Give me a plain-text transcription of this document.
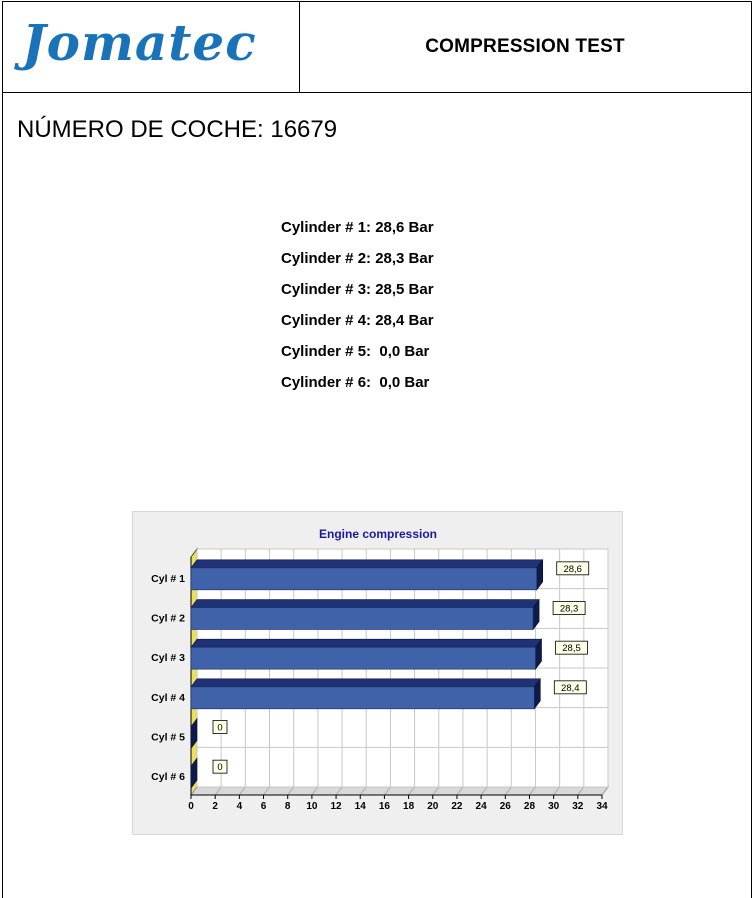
Jomatec	COMPRESSION TEST
NÚMERO DE COCHE: 16679
Cylinder # 1: 28,6 Bar
Cylinder # 2: 28,3 Bar
Cylinder # 3: 28,5 Bar
Cylinder # 4: 28,4 Bar
Cylinder # 5:  0,0 Bar
Cylinder # 6:  0,0 Bar
0 2 4 6 8 10 12 14 16 18 20 22 24 26 28 30 32 34
Cyl # 1
28,6
Cyl # 2
28,3
Cyl # 3
28,5
Cyl # 4
28,4
Cyl # 5
0
Cyl # 6
0
Engine compression
